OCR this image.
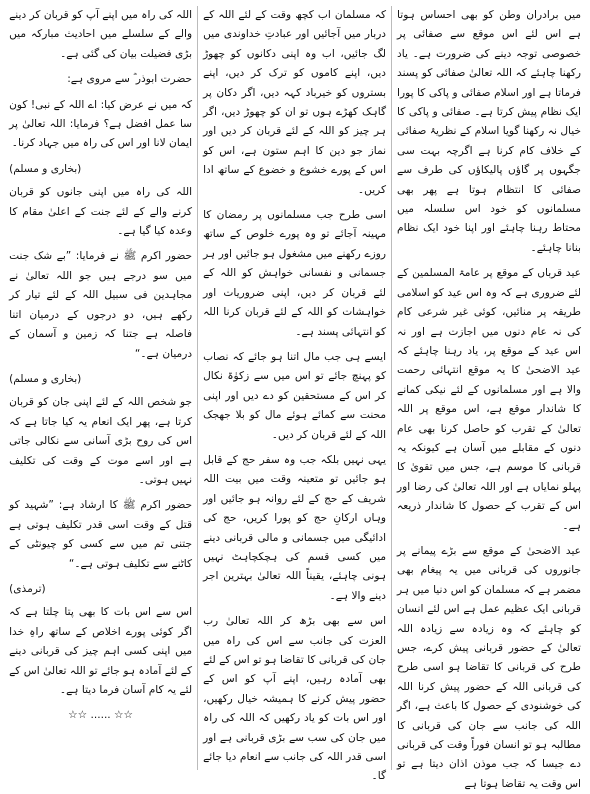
میں برادران وطن کو بھی احساس ہوتا ہے اس لئے اس موقع سے صفائی پر خصوصی توجہ دینے کی ضرورت ہے۔ یاد رکھنا چاہئے کہ اللہ تعالیٰ صفائی کو پسند فرماتا ہے اور اسلام صفائی و پاکی کا پورا ایک نظام پیش کرتا ہے۔ صفائی و پاکی کا خیال نہ رکھنا گویا اسلام کے نظریۂ صفائی کے خلاف کام کرنا ہے اگرچہ بہت سی جگہوں پر گاؤں پالیکاؤں کی طرف سے صفائی کا انتظام ہوتا ہے پھر بھی مسلمانوں کو خود اس سلسلہ میں محتاط رہنا چاہئے اور اپنا خود ایک نظام بنانا چاہئے۔

عید قرباں کے موقع پر عامۃ المسلمین کے لئے ضروری ہے کہ وہ اس عید کو اسلامی طریقہ پر منائیں، کوئی غیر شرعی کام کی نہ عام دنوں میں اجازت ہے اور نہ اس عید کے موقع پر، یاد رہنا چاہئے کہ عید الاضحیٰ کا یہ موقع انتہائی رحمت والا ہے اور مسلمانوں کے لئے نیکی کمانے کا شاندار موقع ہے، اس موقع پر اللہ تعالیٰ کے تقرب کو حاصل کرنا بھی عام دنوں کے مقابلے میں آسان ہے کیونکہ یہ قربانی کا موسم ہے، جس میں تقویٰ کا پہلو نمایاں ہے اور اللہ تعالیٰ کی رضا اور اس کے تقرب کے حصول کا شاندار ذریعہ ہے۔

عید الاضحیٰ کے موقع سے بڑے پیمانے پر جانوروں کی قربانی میں یہ پیغام بھی مضمر ہے کہ مسلمان کو اس دنیا میں ہر قربانی ایک عظیم عمل ہے اس لئے انسان کو چاہئے کہ وہ زیادہ سے زیادہ اللہ تعالیٰ کے حضور قربانی پیش کرے، جس طرح کی قربانی کا تقاضا ہو اسی طرح کی قربانی اللہ کے حضور پیش کرنا اللہ کی خوشنودی کے حصول کا باعث ہے، اگر اللہ کی جانب سے جان کی قربانی کا مطالبہ ہو تو انسان فوراً وقت کی قربانی دے جیسا کہ جب موذن اذان دیتا ہے تو اس وقت یہ تقاضا ہوتا ہے

کہ مسلمان اب کچھ وقت کے لئے اللہ کے دربار میں آجائیں اور عبادتِ خداوندی میں لگ جائیں، اب وہ اپنی دکانوں کو چھوڑ دیں، اپنے کاموں کو ترک کر دیں، اپنے بستروں کو خیرباد کہہ دیں، اگر دکان پر گاہک کھڑے ہوں تو ان کو چھوڑ دیں، اگر ہر چیز کو اللہ کے لئے قربان کر دیں اور نماز جو دین کا اہم ستون ہے، اس کو اس کے پورے خشوع و خضوع کے ساتھ ادا کریں۔

اسی طرح جب مسلمانوں پر رمضان کا مہینہ آجائے تو وہ پورے خلوص کے ساتھ روزے رکھنے میں مشغول ہو جائیں اور ہر جسمانی و نفسانی خواہش کو اللہ کے لئے قربان کر دیں، اپنی ضروریات اور خواہشات کو اللہ کے لئے قربان کرنا اللہ کو انتہائی پسند ہے۔

ایسے ہی جب مال اتنا ہو جائے کہ نصاب کو پہنچ جائے تو اس میں سے زکوٰۃ نکال کر اس کے مستحقین کو دے دیں اور اپنی محنت سے کمائے ہوئے مال کو بلا جھجک اللہ کے لئے قربان کر دیں۔

یہی نہیں بلکہ جب وہ سفر حج کے قابل ہو جائیں تو متعینہ وقت میں بیت اللہ شریف کے حج کے لئے روانہ ہو جائیں اور وہاں ارکانِ حج کو پورا کریں، حج کی ادائیگی میں جسمانی و مالی قربانی دینے میں کسی قسم کی ہچکچاہٹ نہیں ہونی چاہئے، یقیناً اللہ تعالیٰ بہترین اجر دینے والا ہے۔

اس سے بھی بڑھ کر اللہ تعالیٰ رب العزت کی جانب سے اس کی راہ میں جان کی قربانی کا تقاضا ہو تو اس کے لئے بھی آمادہ رہیں، اپنے آپ کو اس کے حضور پیش کرنے کا ہمیشہ خیال رکھیں، اور اس بات کو یاد رکھیں کہ اللہ کی راہ میں جان کی سب سے بڑی قربانی ہے اور اسی قدر اللہ کی جانب سے انعام دیا جائے گا۔

اللہ کی راہ میں اپنے آپ کو قربان کر دینے والے کے سلسلے میں احادیث مبارکہ میں بڑی فضیلت بیان کی گئی ہے۔

حضرت ابوذر ؓ سے مروی ہے:

کہ میں نے عرض کیا: اے اللہ کے نبی! کون سا عمل افضل ہے؟ فرمایا: اللہ تعالیٰ پر ایمان لانا اور اس کی راہ میں جہاد کرنا۔

(بخاری و مسلم)

اللہ کی راہ میں اپنی جانوں کو قربان کرنے والے کے لئے جنت کے اعلیٰ مقام کا وعدہ کیا گیا ہے۔

حضور اکرم ﷺ نے فرمایا: ”بے شک جنت میں سو درجے ہیں جو اللہ تعالیٰ نے مجاہدین فی سبیل اللہ کے لئے تیار کر رکھے ہیں، دو درجوں کے درمیان اتنا فاصلہ ہے جتنا کہ زمین و آسمان کے درمیان ہے۔“

(بخاری و مسلم)

جو شخص اللہ کے لئے اپنی جان کو قربان کرتا ہے، پھر ایک انعام یہ کیا جاتا ہے کہ اس کی روح بڑی آسانی سے نکالی جاتی ہے اور اسے موت کے وقت کی تکلیف نہیں ہوتی۔

حضور اکرم ﷺ کا ارشاد ہے: ”شہید کو قتل کے وقت اسی قدر تکلیف ہوتی ہے جتنی تم میں سے کسی کو چیونٹی کے کاٹنے سے تکلیف ہوتی ہے۔“

(ترمذی)

اس سے اس بات کا بھی پتا چلتا ہے کہ اگر کوئی پورے اخلاص کے ساتھ راہِ خدا میں اپنی کسی اہم چیز کی قربانی دینے کے لئے آمادہ ہو جائے تو اللہ تعالیٰ اس کے لئے یہ کام آسان فرما دیتا ہے۔

☆☆ ...... ☆☆
